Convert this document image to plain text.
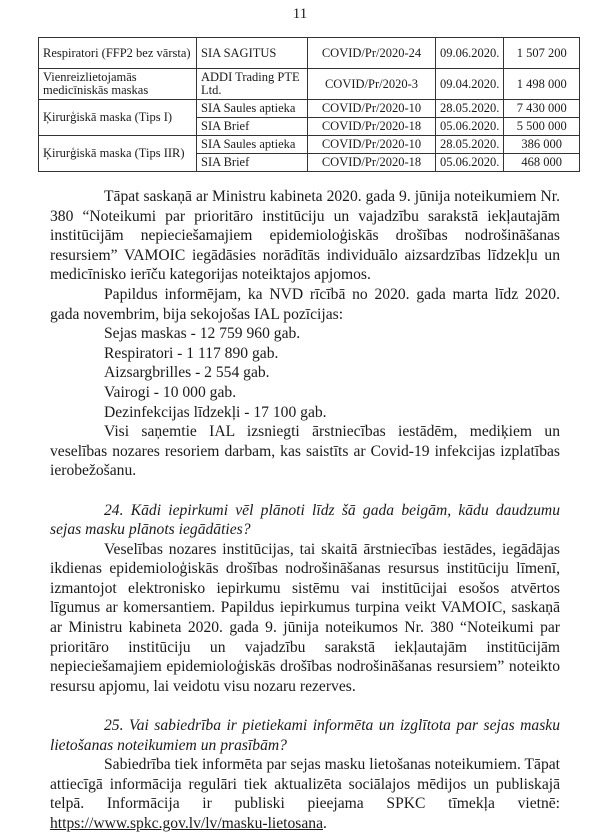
11
Respiratori (FFP2 bez vārsta)	SIA SAGITUS	COVID/Pr/2020-24	09.06.2020.	1 507 200
Vienreizlietojamās medicīniskās maskas	ADDI Trading PTE Ltd.	COVID/Pr/2020-3	09.04.2020.	1 498 000
Ķirurģiskā maska (Tips I)	SIA Saules aptieka	COVID/Pr/2020-10	28.05.2020.	7 430 000
	SIA Brief	COVID/Pr/2020-18	05.06.2020.	5 500 000
Ķirurģiskā maska (Tips IIR)	SIA Saules aptieka	COVID/Pr/2020-10	28.05.2020.	386 000
	SIA Brief	COVID/Pr/2020-18	05.06.2020.	468 000

Tāpat saskaņā ar Ministru kabineta 2020. gada 9. jūnija noteikumiem Nr. 380 “Noteikumi par prioritāro institūciju un vajadzību sarakstā iekļautajām institūcijām nepieciešamajiem epidemioloģiskās drošības nodrošināšanas resursiem” VAMOIC iegādāsies norādītās individuālo aizsardzības līdzekļu un medicīnisko ierīču kategorijas noteiktajos apjomos.

Papildus informējam, ka NVD rīcībā no 2020. gada marta līdz 2020. gada novembrim, bija sekojošas IAL pozīcijas:

Sejas maskas - 12 759 960 gab.

Respiratori - 1 117 890 gab.

Aizsargbrilles - 2 554 gab.

Vairogi - 10 000 gab.

Dezinfekcijas līdzekļi - 17 100 gab.

Visi saņemtie IAL izsniegti ārstniecības iestādēm, mediķiem un veselības nozares resoriem darbam, kas saistīts ar Covid-19 infekcijas izplatības ierobežošanu.

24. Kādi iepirkumi vēl plānoti līdz šā gada beigām, kādu daudzumu sejas masku plānots iegādāties?

Veselības nozares institūcijas, tai skaitā ārstniecības iestādes, iegādājas ikdienas epidemioloģiskās drošības nodrošināšanas resursus institūciju līmenī, izmantojot elektronisko iepirkumu sistēmu vai institūcijai esošos atvērtos līgumus ar komersantiem. Papildus iepirkumus turpina veikt VAMOIC, saskaņā ar Ministru kabineta 2020. gada 9. jūnija noteikumos Nr. 380 “Noteikumi par prioritāro institūciju un vajadzību sarakstā iekļautajām institūcijām nepieciešamajiem epidemioloģiskās drošības nodrošināšanas resursiem” noteikto resursu apjomu, lai veidotu visu nozaru rezerves.

25. Vai sabiedrība ir pietiekami informēta un izglītota par sejas masku lietošanas noteikumiem un prasībām?

Sabiedrība tiek informēta par sejas masku lietošanas noteikumiem. Tāpat attiecīgā informācija regulāri tiek aktualizēta sociālajos mēdijos un publiskajā telpā. Informācija ir publiski pieejama SPKC tīmekļa vietnē: https://www.spkc.gov.lv/lv/masku-lietosana.
